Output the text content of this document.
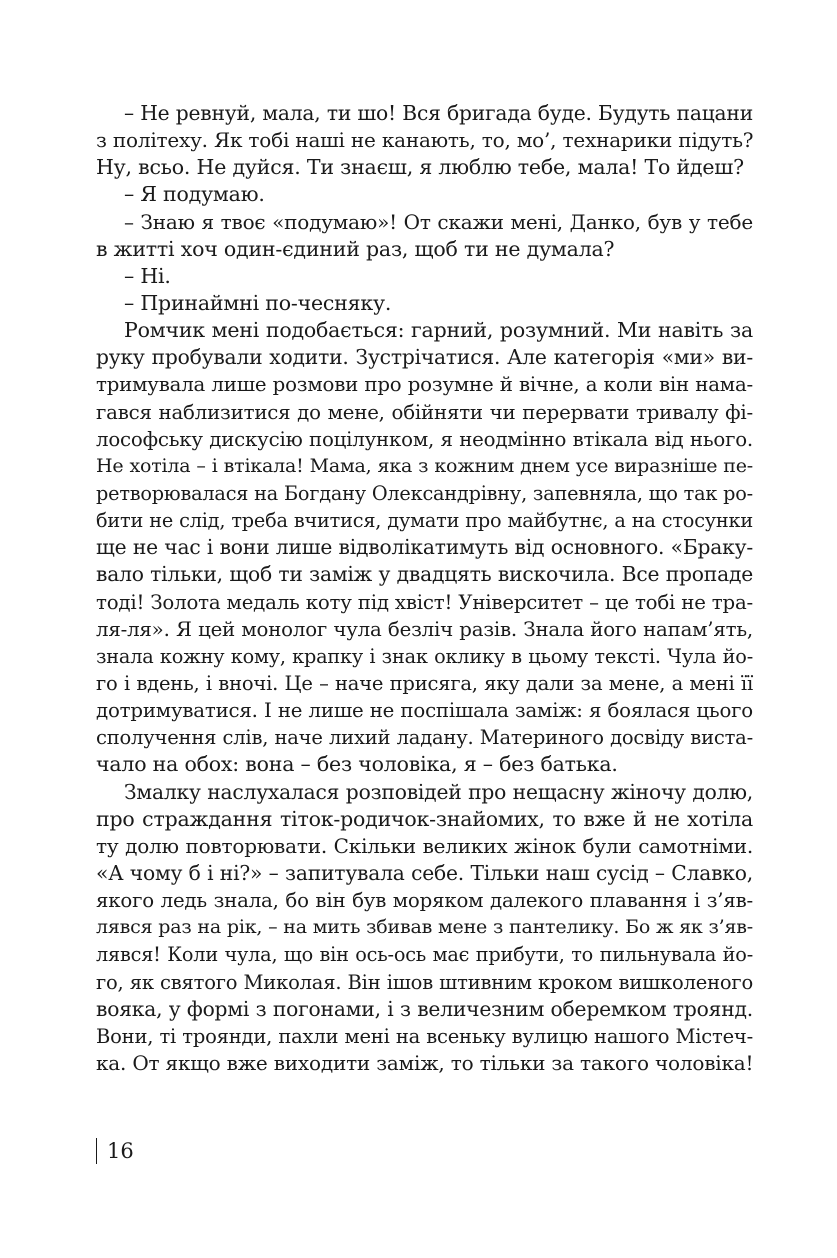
– Не ревнуй, мала, ти шо! Вся бригада буде. Будуть пацани
з політеху. Як тобі наші не канають, то, мо’, технарики підуть?
Ну, всьо. Не дуйся. Ти знаєш, я люблю тебе, мала! То йдеш?
– Я подумаю.
– Знаю я твоє «подумаю»! От скажи мені, Данко, був у тебе
в житті хоч один-єдиний раз, щоб ти не думала?
– Ні.
– Принаймні по-чесняку.
Ромчик мені подобається: гарний, розумний. Ми навіть за
руку пробували ходити. Зустрічатися. Але категорія «ми» ви-
тримувала лише розмови про розумне й вічне, а коли він нама-
гався наблизитися до мене, обійняти чи перервати тривалу фі-
лософську дискусію поцілунком, я неодмінно втікала від нього.
Не хотіла – і втікала! Мама, яка з кожним днем усе виразніше пе-
ретворювалася на Богдану Олександрівну, запевняла, що так ро-
бити не слід, треба вчитися, думати про майбутнє, а на стосунки
ще не час і вони лише відволікатимуть від основного. «Браку-
вало тільки, щоб ти заміж у двадцять вискочила. Все пропаде
тоді! Золота медаль коту під хвіст! Університет – це тобі не тра-
ля-ля». Я цей монолог чула безліч разів. Знала його напам’ять,
знала кожну кому, крапку і знак оклику в цьому тексті. Чула йо-
го і вдень, і вночі. Це – наче присяга, яку дали за мене, а мені її
дотримуватися. І не лише не поспішала заміж: я боялася цього
сполучення слів, наче лихий ладану. Материного досвіду виста-
чало на обох: вона – без чоловіка, я – без батька.
Змалку наслухалася розповідей про нещасну жіночу долю,
про страждання тіток-родичок-знайомих, то вже й не хотіла
ту долю повторювати. Скільки великих жінок були самотніми.
«А чому б і ні?» – запитувала себе. Тільки наш сусід – Славко,
якого ледь знала, бо він був моряком далекого плавання і з’яв-
лявся раз на рік, – на мить збивав мене з пантелику. Бо ж як з’яв-
лявся! Коли чула, що він ось-ось має прибути, то пильнувала йо-
го, як святого Миколая. Він ішов штивним кроком вишколеного
вояка, у формі з погонами, і з величезним оберемком троянд.
Вони, ті троянди, пахли мені на всеньку вулицю нашого Містеч-
ка. От якщо вже виходити заміж, то тільки за такого чоловіка!
16
